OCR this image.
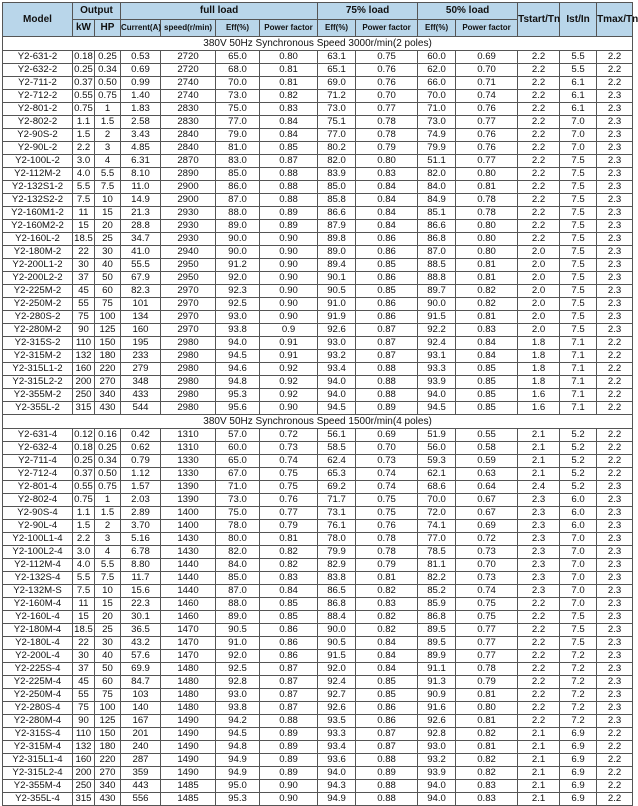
Model	Output		full load				75% load		50% load		Tstart/Tn	Ist/In	Tmax/Tn
	kW	HP	Current(A)	speed(r/min)	Eff(%)	Power factor	Eff(%)	Power factor	Eff(%)	Power factor			
380V 50Hz Synchronous Speed 3000r/min(2 poles)													
Y2-631-2	0.18	0.25	0.53	2720	65.0	0.80	63.1	0.75	60.0	0.69	2.2	5.5	2.2
Y2-632-2	0.25	0.34	0.69	2720	68.0	0.81	65.1	0.76	62.0	0.70	2.2	5.5	2.2
Y2-711-2	0.37	0.50	0.99	2740	70.0	0.81	69.0	0.76	66.0	0.71	2.2	6.1	2.2
Y2-712-2	0.55	0.75	1.40	2740	73.0	0.82	71.2	0.70	70.0	0.74	2.2	6.1	2.3
Y2-801-2	0.75	1	1.83	2830	75.0	0.83	73.0	0.77	71.0	0.76	2.2	6.1	2.3
Y2-802-2	1.1	1.5	2.58	2830	77.0	0.84	75.1	0.78	73.0	0.77	2.2	7.0	2.3
Y2-90S-2	1.5	2	3.43	2840	79.0	0.84	77.0	0.78	74.9	0.76	2.2	7.0	2.3
Y2-90L-2	2.2	3	4.85	2840	81.0	0.85	80.2	0.79	79.9	0.76	2.2	7.0	2.3
Y2-100L-2	3.0	4	6.31	2870	83.0	0.87	82.0	0.80	51.1	0.77	2.2	7.5	2.3
Y2-112M-2	4.0	5.5	8.10	2890	85.0	0.88	83.9	0.83	82.0	0.80	2.2	7.5	2.3
Y2-132S1-2	5.5	7.5	11.0	2900	86.0	0.88	85.0	0.84	84.0	0.81	2.2	7.5	2.3
Y2-132S2-2	7.5	10	14.9	2900	87.0	0.88	85.8	0.84	84.9	0.78	2.2	7.5	2.3
Y2-160M1-2	11	15	21.3	2930	88.0	0.89	86.6	0.84	85.1	0.78	2.2	7.5	2.3
Y2-160M2-2	15	20	28.8	2930	89.0	0.89	87.9	0.84	86.6	0.80	2.2	7.5	2.3
Y2-160L-2	18.5	25	34.7	2930	90.0	0.90	89.8	0.86	86.8	0.80	2.2	7.5	2.3
Y2-180M-2	22	30	41.0	2940	90.0	0.90	89.0	0.86	87.0	0.80	2.0	7.5	2.3
Y2-200L1-2	30	40	55.5	2950	91.2	0.90	89.4	0.85	88.5	0.81	2.0	7.5	2.3
Y2-200L2-2	37	50	67.9	2950	92.0	0.90	90.1	0.86	88.8	0.81	2.0	7.5	2.3
Y2-225M-2	45	60	82.3	2970	92.3	0.90	90.5	0.85	89.7	0.82	2.0	7.5	2.3
Y2-250M-2	55	75	101	2970	92.5	0.90	91.0	0.86	90.0	0.82	2.0	7.5	2.3
Y2-280S-2	75	100	134	2970	93.0	0.90	91.9	0.86	91.5	0.81	2.0	7.5	2.3
Y2-280M-2	90	125	160	2970	93.8	0.9	92.6	0.87	92.2	0.83	2.0	7.5	2.3
Y2-315S-2	110	150	195	2980	94.0	0.91	93.0	0.87	92.4	0.84	1.8	7.1	2.2
Y2-315M-2	132	180	233	2980	94.5	0.91	93.2	0.87	93.1	0.84	1.8	7.1	2.2
Y2-315L1-2	160	220	279	2980	94.6	0.92	93.4	0.88	93.3	0.85	1.8	7.1	2.2
Y2-315L2-2	200	270	348	2980	94.8	0.92	94.0	0.88	93.9	0.85	1.8	7.1	2.2
Y2-355M-2	250	340	433	2980	95.3	0.92	94.0	0.88	94.0	0.85	1.6	7.1	2.2
Y2-355L-2	315	430	544	2980	95.6	0.90	94.5	0.89	94.5	0.85	1.6	7.1	2.2
380V 50Hz Synchronous Speed 1500r/min(4 poles)													
Y2-631-4	0.12	0.16	0.42	1310	57.0	0.72	56.1	0.69	51.9	0.55	2.1	5.2	2.2
Y2-632-4	0.18	0.25	0.62	1310	60.0	0.73	58.5	0.70	56.0	0.58	2.1	5.2	2.2
Y2-711-4	0.25	0.34	0.79	1330	65.0	0.74	62.4	0.73	59.3	0.59	2.1	5.2	2.2
Y2-712-4	0.37	0.50	1.12	1330	67.0	0.75	65.3	0.74	62.1	0.63	2.1	5.2	2.2
Y2-801-4	0.55	0.75	1.57	1390	71.0	0.75	69.2	0.74	68.6	0.64	2.4	5.2	2.3
Y2-802-4	0.75	1	2.03	1390	73.0	0.76	71.7	0.75	70.0	0.67	2.3	6.0	2.3
Y2-90S-4	1.1	1.5	2.89	1400	75.0	0.77	73.1	0.75	72.0	0.67	2.3	6.0	2.3
Y2-90L-4	1.5	2	3.70	1400	78.0	0.79	76.1	0.76	74.1	0.69	2.3	6.0	2.3
Y2-100L1-4	2.2	3	5.16	1430	80.0	0.81	78.0	0.78	77.0	0.72	2.3	7.0	2.3
Y2-100L2-4	3.0	4	6.78	1430	82.0	0.82	79.9	0.78	78.5	0.73	2.3	7.0	2.3
Y2-112M-4	4.0	5.5	8.80	1440	84.0	0.82	82.9	0.79	81.1	0.70	2.3	7.0	2.3
Y2-132S-4	5.5	7.5	11.7	1440	85.0	0.83	83.8	0.81	82.2	0.73	2.3	7.0	2.3
Y2-132M-S	7.5	10	15.6	1440	87.0	0.84	86.5	0.82	85.2	0.74	2.3	7.0	2.3
Y2-160M-4	11	15	22.3	1460	88.0	0.85	86.8	0.83	85.9	0.75	2.2	7.0	2.3
Y2-160L-4	15	20	30.1	1460	89.0	0.85	88.4	0.82	86.8	0.75	2.2	7.5	2.3
Y2-180M-4	18.5	25	36.5	1470	90.5	0.86	90.0	0.82	89.5	0.77	2.2	7.5	2.3
Y2-180L-4	22	30	43.2	1470	91.0	0.86	90.5	0.84	89.5	0.77	2.2	7.5	2.3
Y2-200L-4	30	40	57.6	1470	92.0	0.86	91.5	0.84	89.9	0.77	2.2	7.2	2.3
Y2-225S-4	37	50	69.9	1480	92.5	0.87	92.0	0.84	91.1	0.78	2.2	7.2	2.3
Y2-225M-4	45	60	84.7	1480	92.8	0.87	92.4	0.85	91.3	0.79	2.2	7.2	2.3
Y2-250M-4	55	75	103	1480	93.0	0.87	92.7	0.85	90.9	0.81	2.2	7.2	2.3
Y2-280S-4	75	100	140	1480	93.8	0.87	92.6	0.86	91.6	0.80	2.2	7.2	2.3
Y2-280M-4	90	125	167	1490	94.2	0.88	93.5	0.86	92.6	0.81	2.2	7.2	2.3
Y2-315S-4	110	150	201	1490	94.5	0.89	93.3	0.87	92.8	0.82	2.1	6.9	2.2
Y2-315M-4	132	180	240	1490	94.8	0.89	93.4	0.87	93.0	0.81	2.1	6.9	2.2
Y2-315L1-4	160	220	287	1490	94.9	0.89	93.6	0.88	93.2	0.82	2.1	6.9	2.2
Y2-315L2-4	200	270	359	1490	94.9	0.89	94.0	0.89	93.9	0.82	2.1	6.9	2.2
Y2-355M-4	250	340	443	1485	95.0	0.90	94.3	0.88	94.0	0.83	2.1	6.9	2.2
Y2-355L-4	315	430	556	1485	95.3	0.90	94.9	0.88	94.0	0.83	2.1	6.9	2.2
